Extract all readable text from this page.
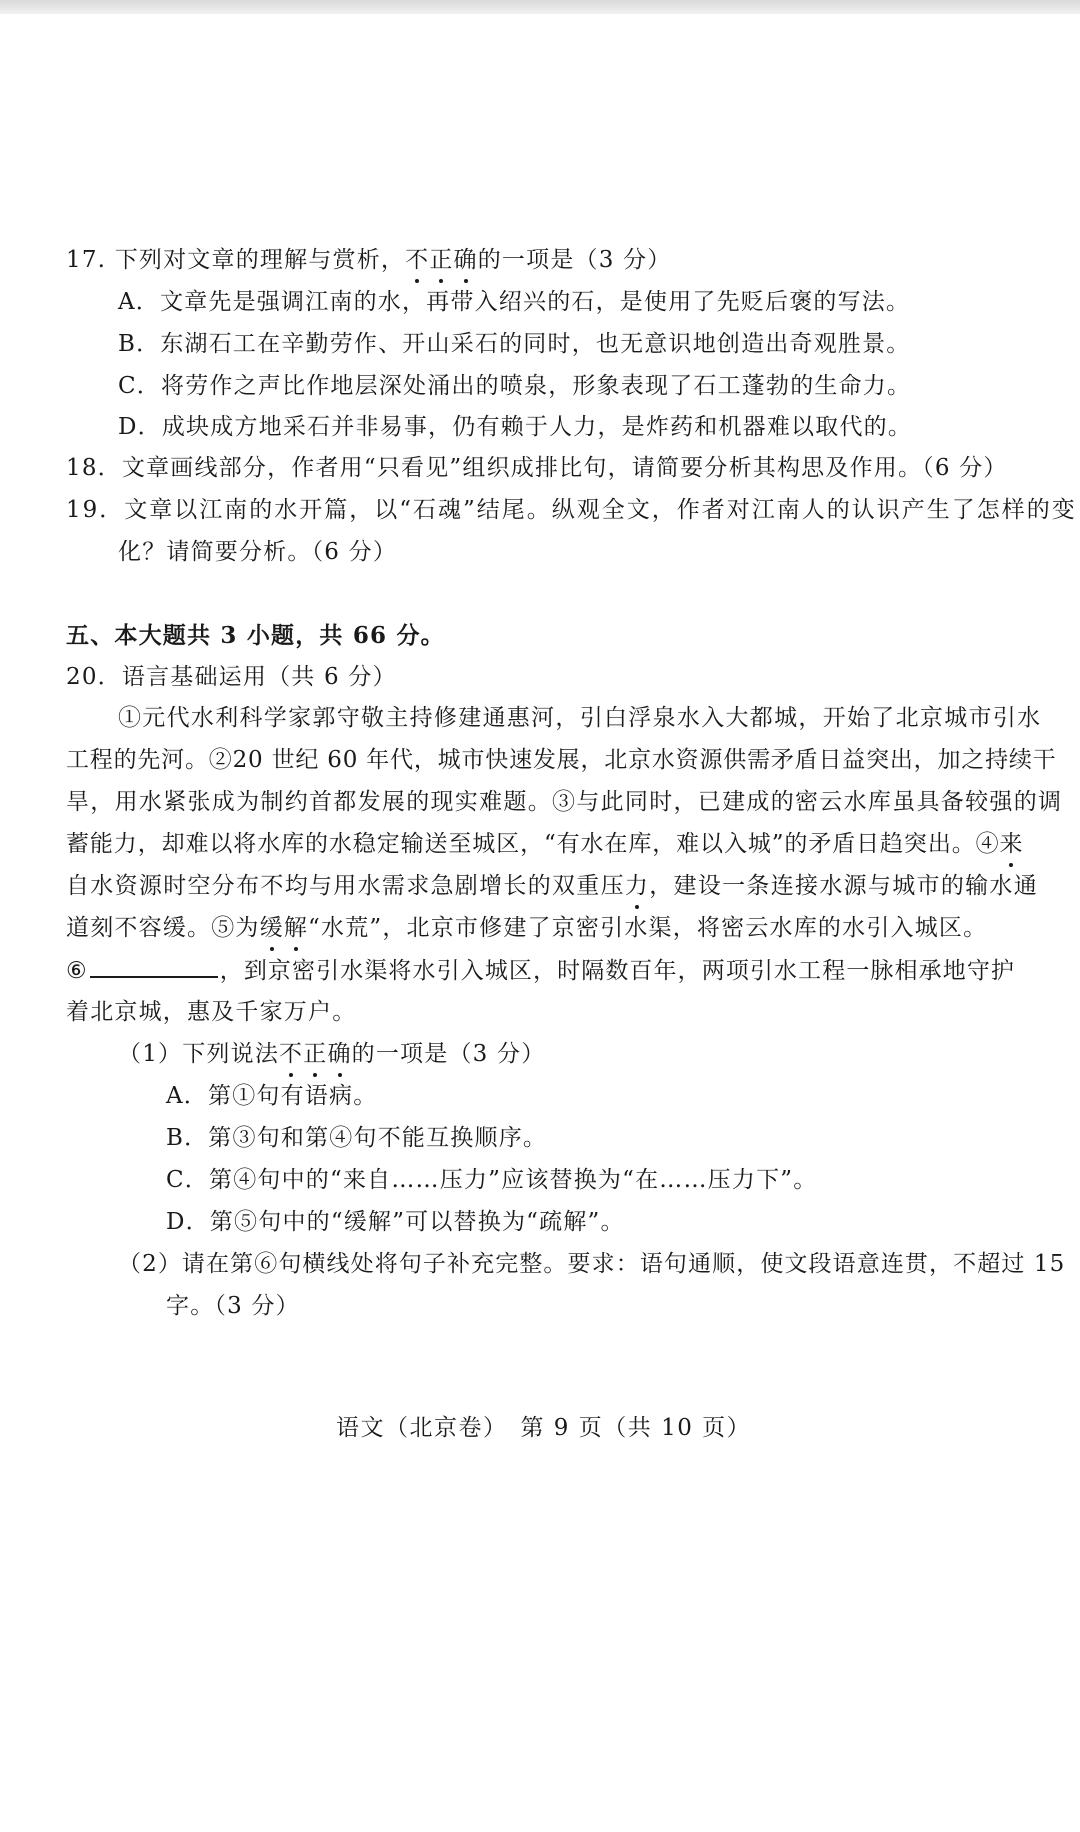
17. 下列对文章的理解与赏析，不正确的一项是（3 分）
A．文章先是强调江南的水，再带入绍兴的石，是使用了先贬后褒的写法。
B．东湖石工在辛勤劳作、开山采石的同时，也无意识地创造出奇观胜景。
C．将劳作之声比作地层深处涌出的喷泉，形象表现了石工蓬勃的生命力。
D．成块成方地采石并非易事，仍有赖于人力，是炸药和机器难以取代的。
18．文章画线部分，作者用“只看见”组织成排比句，请简要分析其构思及作用。（6 分）
19．文章以江南的水开篇，以“石魂”结尾。纵观全文，作者对江南人的认识产生了怎样的变
化？请简要分析。（6 分）
五、本大题共 3 小题，共 66 分。
20．语言基础运用（共 6 分）
①元代水利科学家郭守敬主持修建通惠河，引白浮泉水入大都城，开始了北京城市引水
工程的先河。②20 世纪 60 年代，城市快速发展，北京水资源供需矛盾日益突出，加之持续干
旱，用水紧张成为制约首都发展的现实难题。③与此同时，已建成的密云水库虽具备较强的调
蓄能力，却难以将水库的水稳定输送至城区，“有水在库，难以入城”的矛盾日趋突出。④来
自水资源时空分布不均与用水需求急剧增长的双重压力，建设一条连接水源与城市的输水通
道刻不容缓。⑤为缓解“水荒”，北京市修建了京密引水渠，将密云水库的水引入城区。
⑥	，到京密引水渠将水引入城区，时隔数百年，两项引水工程一脉相承地守护
着北京城，惠及千家万户。
（1）下列说法不正确的一项是（3 分）
A．第①句有语病。
B．第③句和第④句不能互换顺序。
C．第④句中的“来自……压力”应该替换为“在……压力下”。
D．第⑤句中的“缓解”可以替换为“疏解”。
（2）请在第⑥句横线处将句子补充完整。要求：语句通顺，使文段语意连贯，不超过 15
字。（3 分）
语文（北京卷）　第 9 页（共 10 页）
